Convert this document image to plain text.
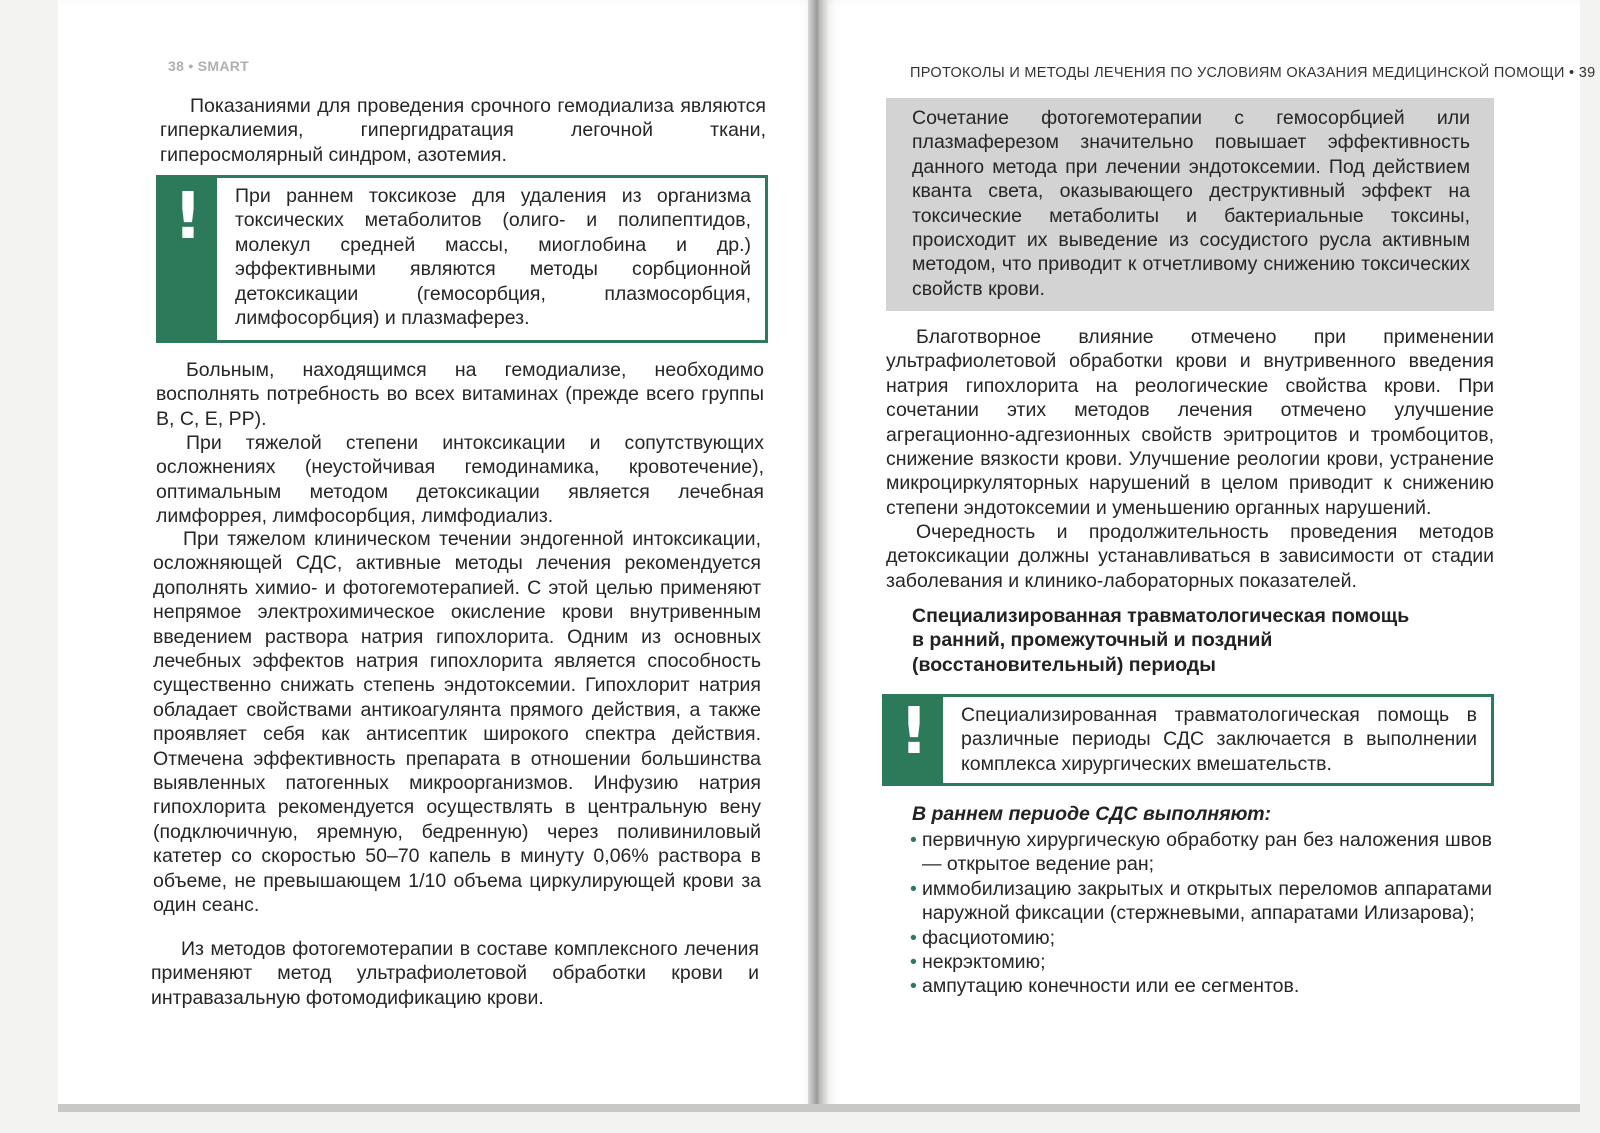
38 • SMART

Показаниями для проведения срочного гемодиализа являются гиперкалиемия, гипергидратация легочной ткани, гиперосмолярный синдром, азотемия.

!	При раннем токсикозе для удаления из организма токсических метаболитов (олиго- и полипептидов, молекул средней массы, миоглобина и др.) эффективными являются методы сорбционной детоксикации (гемосорбция, плазмосорбция, лимфосорбция) и плазмаферез.

Больным, находящимся на гемодиализе, необходимо восполнять потребность во всех витаминах (прежде всего группы B, C, E, PP).

При тяжелой степени интоксикации и сопутствующих осложнениях (неустойчивая гемодинамика, кровотечение), оптимальным методом детоксикации является лечебная лимфоррея, лимфосорбция, лимфодиализ.

При тяжелом клиническом течении эндогенной интоксикации, осложняющей СДС, активные методы лечения рекомендуется дополнять химио- и фотогемотерапией. С этой целью применяют непрямое электрохимическое окисление крови внутривенным введением раствора натрия гипохлорита. Одним из основных лечебных эффектов натрия гипохлорита является способность существенно снижать степень эндотоксемии. Гипохлорит натрия обладает свойствами антикоагулянта прямого действия, а также проявляет себя как антисептик широкого спектра действия. Отмечена эффективность препарата в отношении большинства выявленных патогенных микроорганизмов. Инфузию натрия гипохлорита рекомендуется осуществлять в центральную вену (подключичную, яремную, бедренную) через поливиниловый катетер со скоростью 50–70 капель в минуту 0,06% раствора в объеме, не превышающем 1/10 объема циркулирующей крови за один сеанс.

Из методов фотогемотерапии в составе комплексного лечения применяют метод ультрафиолетовой обработки крови и интравазальную фотомодификацию крови.

ПРОТОКОЛЫ И МЕТОДЫ ЛЕЧЕНИЯ ПО УСЛОВИЯМ ОКАЗАНИЯ МЕДИЦИНСКОЙ ПОМОЩИ • 39
Сочетание фотогемотерапии с гемосорбцией или плазмаферезом значительно повышает эффективность данного метода при лечении эндотоксемии. Под действием кванта света, оказывающего деструктивный эффект на токсические метаболиты и бактериальные токсины, происходит их выведение из сосудистого русла активным методом, что приводит к отчетливому снижению токсических свойств крови.

Благотворное влияние отмечено при применении ультрафиолетовой обработки крови и внутривенного введения натрия гипохлорита на реологические свойства крови. При сочетании этих методов лечения отмечено улучшение агрегационно-адгезионных свойств эритроцитов и тромбоцитов, снижение вязкости крови. Улучшение реологии крови, устранение микроциркуляторных нарушений в целом приводит к снижению степени эндотоксемии и уменьшению органных нарушений.

Очередность и продолжительность проведения методов детоксикации должны устанавливаться в зависимости от стадии заболевания и клинико-лабораторных показателей.

Специализированная травматологическая помощь
в ранний, промежуточный и поздний
(восстановительный) периоды
!	Специализированная травматологическая помощь в различные периоды СДС заключается в выполнении комплекса хирургических вмешательств.
В раннем периоде СДС выполняют:
• первичную хирургическую обработку ран без наложения швов — открытое ведение ран;
• иммобилизацию закрытых и открытых переломов аппаратами наружной фиксации (стержневыми, аппаратами Илизарова);
• фасциотомию;
• некрэктомию;
• ампутацию конечности или ее сегментов.
